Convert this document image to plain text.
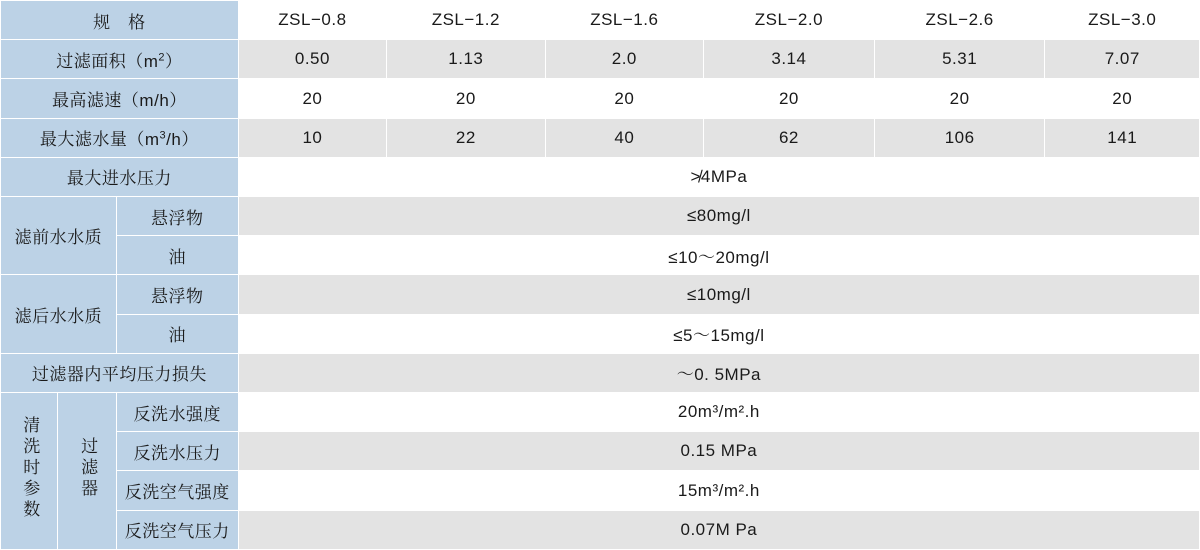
规　格			ZSL−0.8	ZSL−1.2	ZSL−1.6	ZSL−2.0	ZSL−2.6	ZSL−3.0
过滤面积$(m^2)$			0.50	1.13	2.0	3.14	5.31	7.07
最高滤速（m/h）			20	20	20	20	20	20
最大滤水量$(m^3/h)$			10	22	40	62	106	141
最大进水压力			≯4MPa					
滤前水水质		悬浮物	≤80mg/l					
		油	≤10～20mg/l					
滤后水水质		悬浮物	≤10mg/l					
		油	≤5～15mg/l					
过滤器内平均压力损失			～0. 5MPa					
清洗时参数	过滤器	反洗水强度	20m³/m².h					
		反洗水压力	0.15 MPa					
		反洗空气强度	15m³/m².h					
		反洗空气压力	0.07M Pa					
